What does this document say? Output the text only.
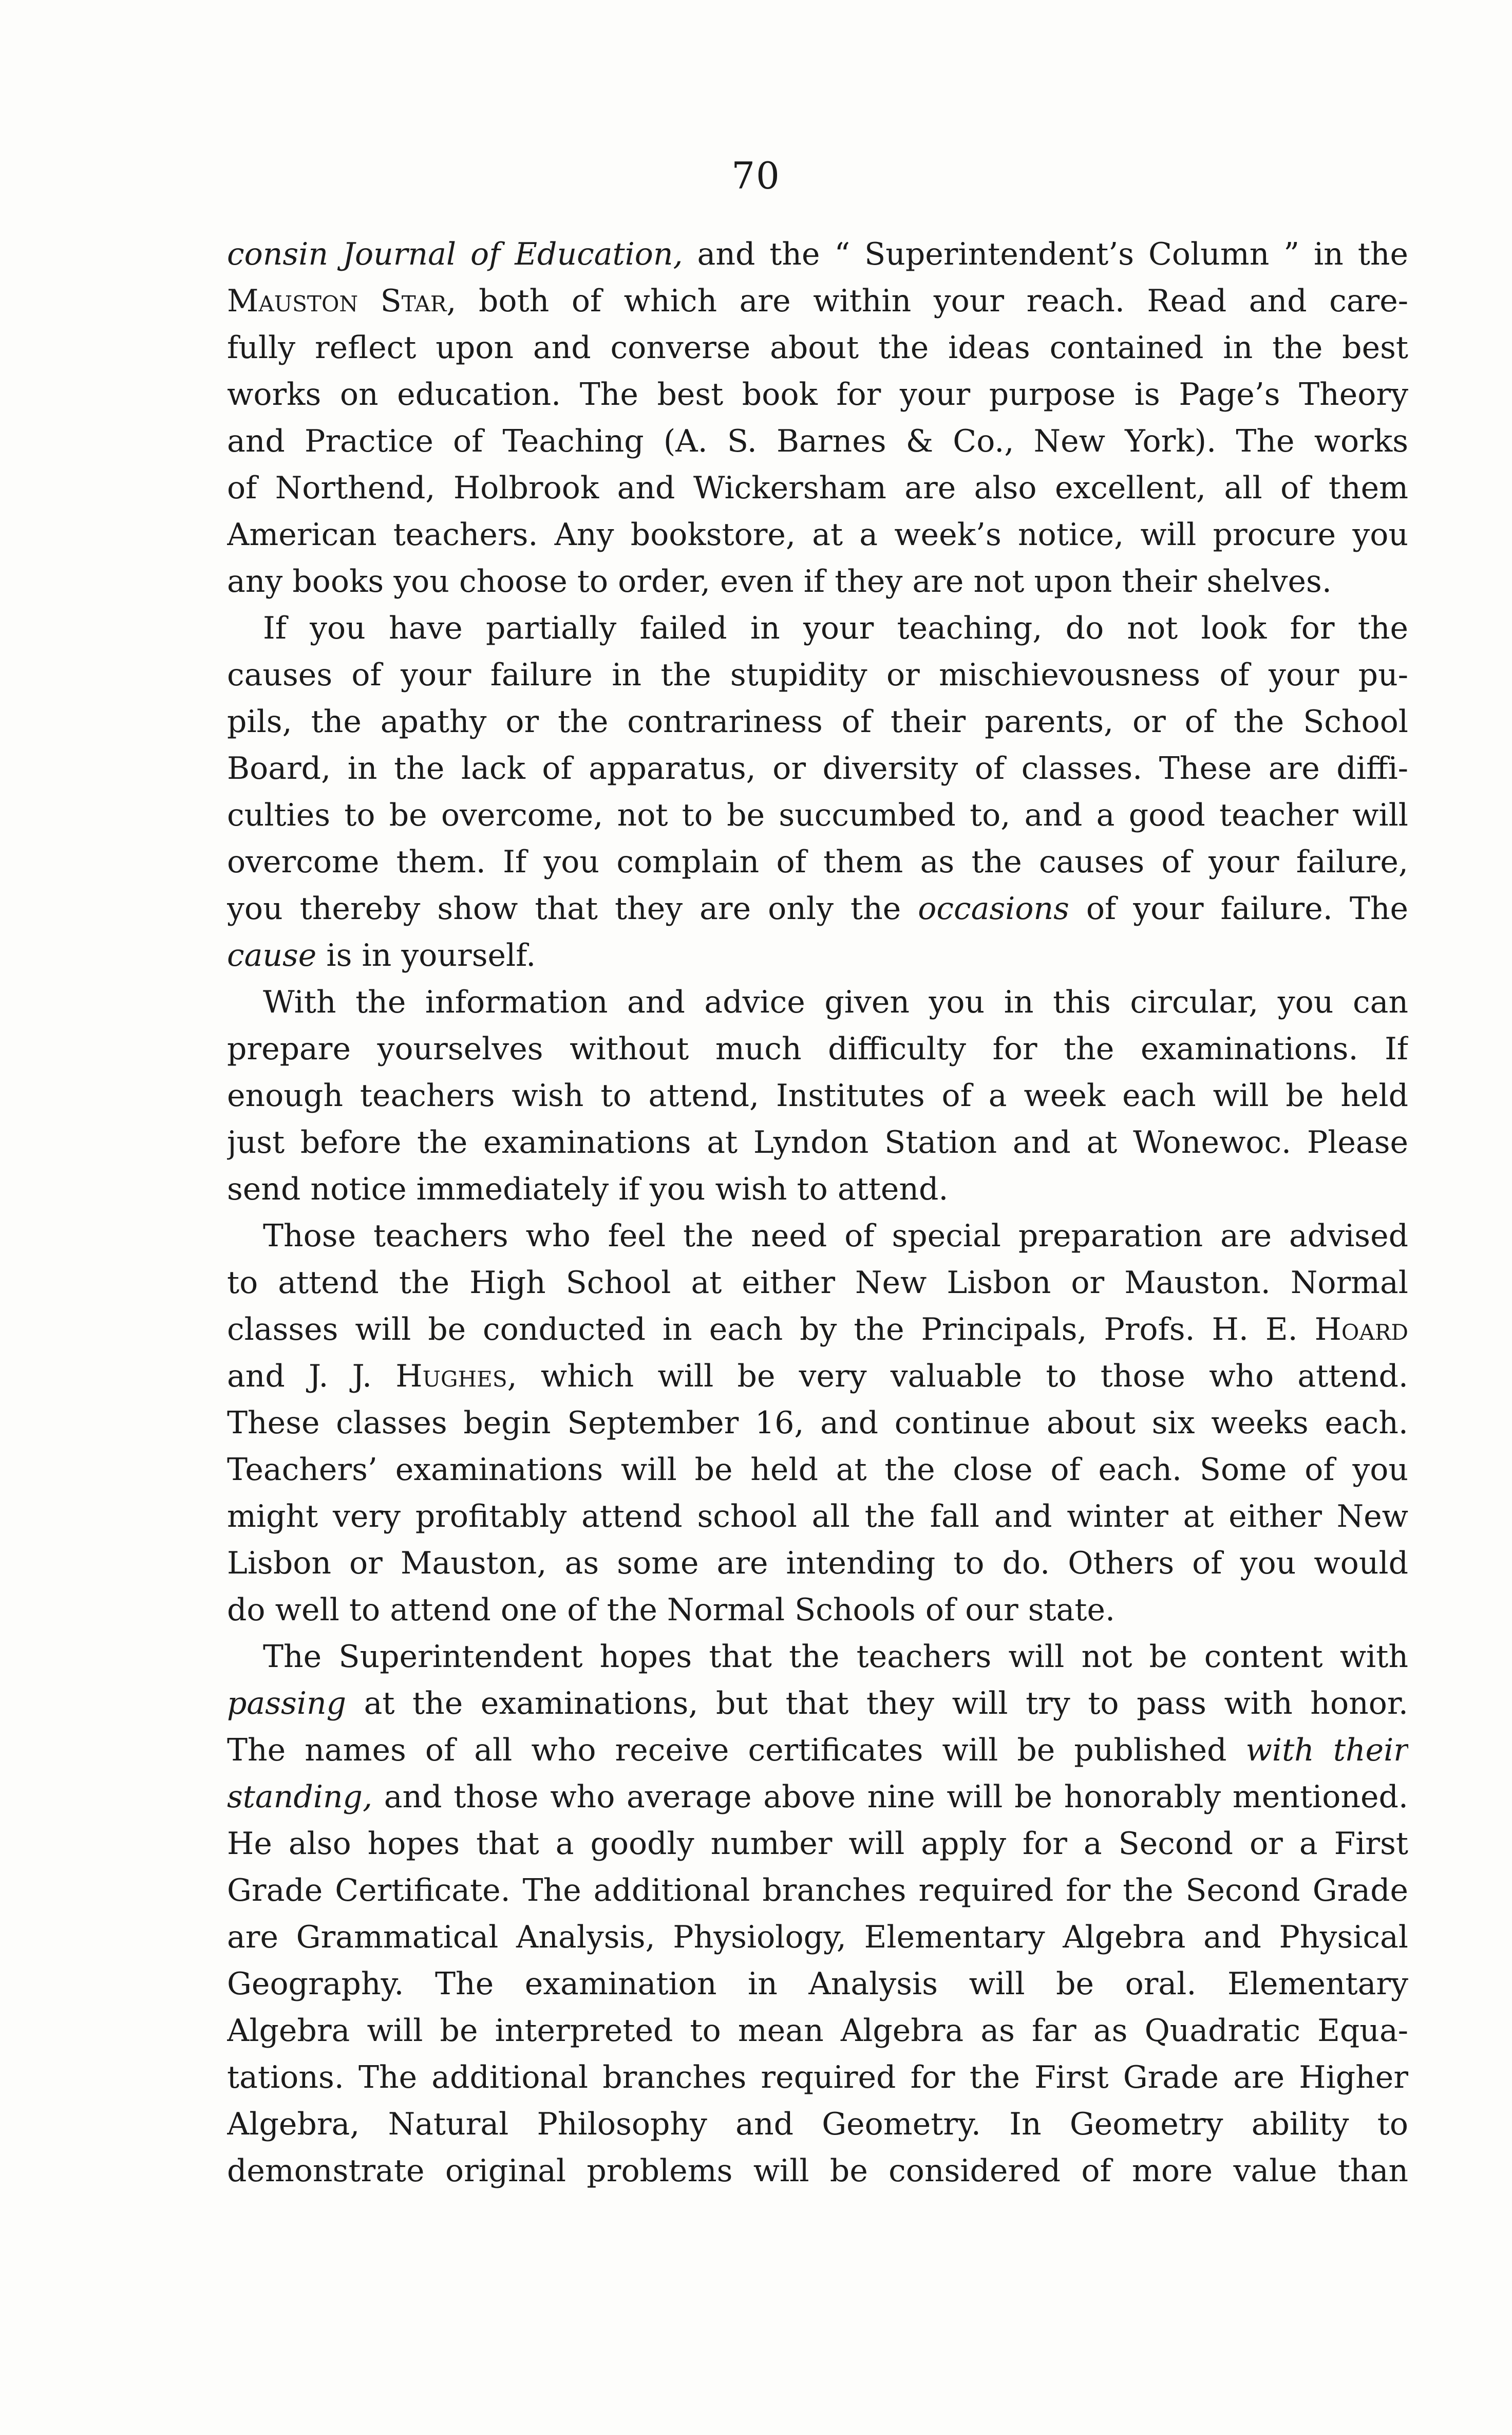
70
consin Journal of Education, and the “ Superintendent’s Column ” in the
Mauston Star, both of which are within your reach. Read and care-
fully reflect upon and converse about the ideas contained in the best
works on education. The best book for your purpose is Page’s Theory
and Practice of Teaching (A. S. Barnes & Co., New York). The works
of Northend, Holbrook and Wickersham are also excellent, all of them
American teachers. Any bookstore, at a week’s notice, will procure you
any books you choose to order, even if they are not upon their shelves.
If you have partially failed in your teaching, do not look for the
causes of your failure in the stupidity or mischievousness of your pu-
pils, the apathy or the contrariness of their parents, or of the School
Board, in the lack of apparatus, or diversity of classes. These are diffi-
culties to be overcome, not to be succumbed to, and a good teacher will
overcome them. If you complain of them as the causes of your failure,
you thereby show that they are only the occasions of your failure. The
cause is in yourself.
With the information and advice given you in this circular, you can
prepare yourselves without much difficulty for the examinations. If
enough teachers wish to attend, Institutes of a week each will be held
just before the examinations at Lyndon Station and at Wonewoc. Please
send notice immediately if you wish to attend.
Those teachers who feel the need of special preparation are advised
to attend the High School at either New Lisbon or Mauston. Normal
classes will be conducted in each by the Principals, Profs. H. E. Hoard
and J. J. Hughes, which will be very valuable to those who attend.
These classes begin September 16, and continue about six weeks each.
Teachers’ examinations will be held at the close of each. Some of you
might very profitably attend school all the fall and winter at either New
Lisbon or Mauston, as some are intending to do. Others of you would
do well to attend one of the Normal Schools of our state.
The Superintendent hopes that the teachers will not be content with
passing at the examinations, but that they will try to pass with honor.
The names of all who receive certificates will be published with their
standing, and those who average above nine will be honorably mentioned.
He also hopes that a goodly number will apply for a Second or a First
Grade Certificate. The additional branches required for the Second Grade
are Grammatical Analysis, Physiology, Elementary Algebra and Physical
Geography. The examination in Analysis will be oral. Elementary
Algebra will be interpreted to mean Algebra as far as Quadratic Equa-
tations. The additional branches required for the First Grade are Higher
Algebra, Natural Philosophy and Geometry. In Geometry ability to
demonstrate original problems will be considered of more value than
